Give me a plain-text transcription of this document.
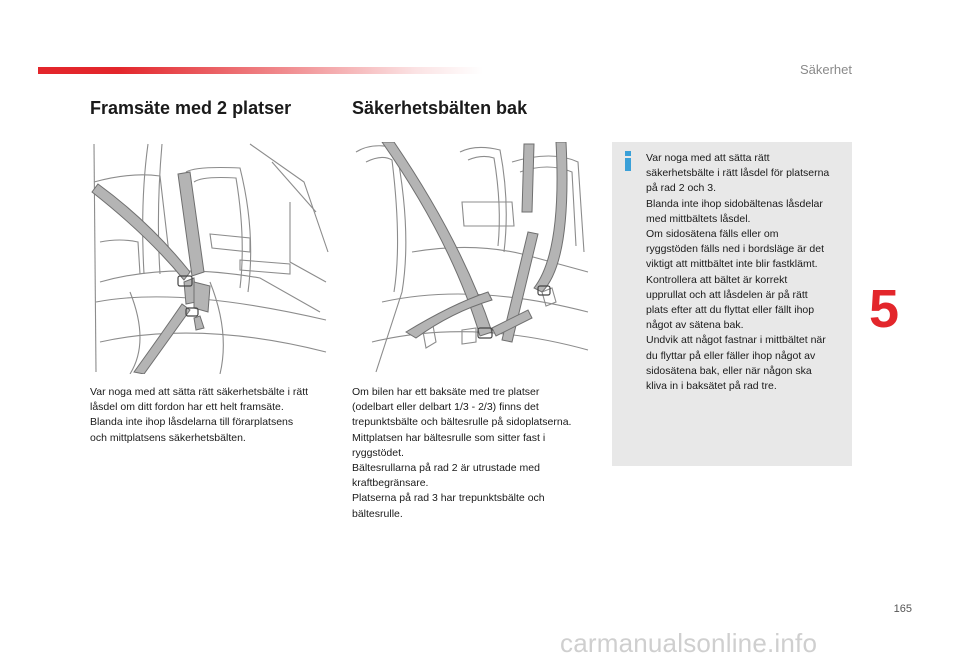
Säkerhet
Framsäte med 2 platser	Säkerhetsbälten bak

Var noga med att sätta rätt säkerhetsbälte i rätt
låsdel om ditt fordon har ett helt framsäte.
Blanda inte ihop låsdelarna till förarplatsens
och mittplatsens säkerhetsbälten.

Om bilen har ett baksäte med tre platser
(odelbart eller delbart 1/3 - 2/3) finns det
trepunktsbälte och bältesrulle på sidoplatserna.
Mittplatsen har bältesrulle som sitter fast i
ryggstödet.
Bältesrullarna på rad 2 är utrustade med
kraftbegränsare.
Platserna på rad 3 har trepunktsbälte och
bältesrulle.

Var noga med att sätta rätt
säkerhetsbälte i rätt låsdel för platserna
på rad 2 och 3.
Blanda inte ihop sidobältenas låsdelar
med mittbältets låsdel.
Om sidosätena fälls eller om
ryggstöden fälls ned i bordsläge är det
viktigt att mittbältet inte blir fastklämt.
Kontrollera att bältet är korrekt
upprullat och att låsdelen är på rätt
plats efter att du flyttat eller fällt ihop
något av sätena bak.
Undvik att något fastnar i mittbältet när
du flyttar på eller fäller ihop något av
sidosätena bak, eller när någon ska
kliva in i baksätet på rad tre.

5
165
carmanualsonline.info
